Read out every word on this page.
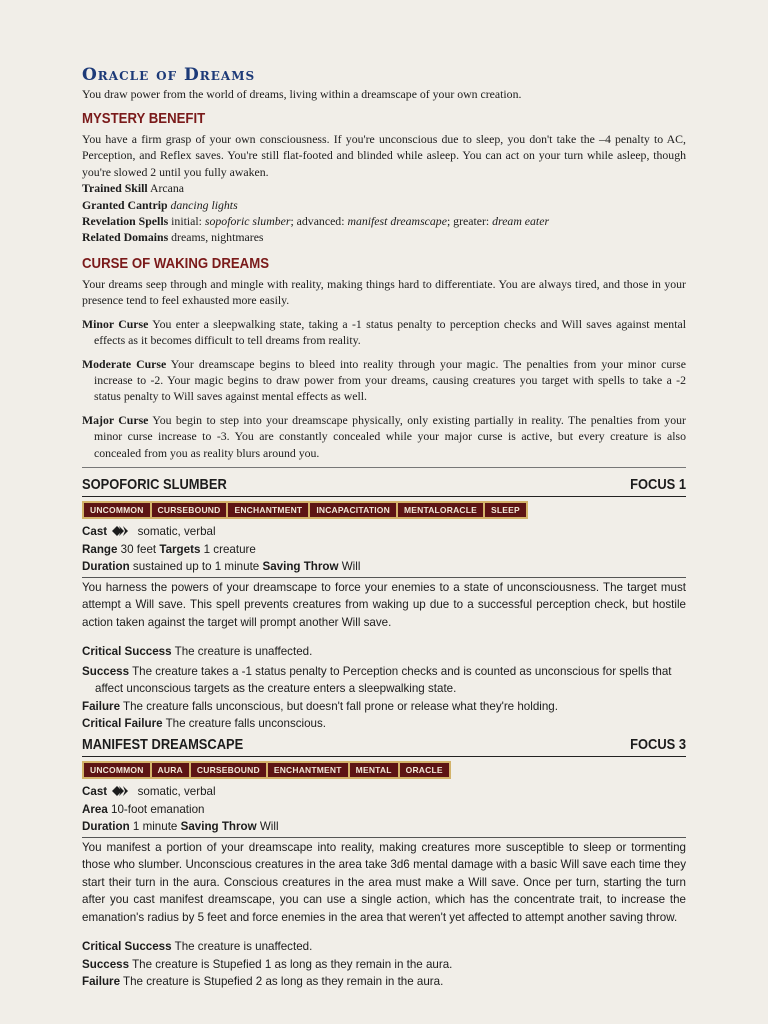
Oracle of Dreams

You draw power from the world of dreams, living within a dreamscape of your own creation.

MYSTERY BENEFIT

You have a firm grasp of your own consciousness. If you're unconscious due to sleep, you don't take the –4 penalty to AC, Perception, and Reflex saves. You're still flat-footed and blinded while asleep. You can act on your turn while asleep, though you're slowed 2 until you fully awaken.

Trained Skill Arcana

Granted Cantrip dancing lights

Revelation Spells initial: sopoforic slumber; advanced: manifest dreamscape; greater: dream eater

Related Domains dreams, nightmares

CURSE OF WAKING DREAMS

Your dreams seep through and mingle with reality, making things hard to differentiate. You are always tired, and those in your presence tend to feel exhausted more easily.

Minor Curse You enter a sleepwalking state, taking a -1 status penalty to perception checks and Will saves against mental effects as it becomes difficult to tell dreams from reality.

Moderate Curse Your dreamscape begins to bleed into reality through your magic. The penalties from your minor curse increase to -2. Your magic begins to draw power from your dreams, causing creatures you target with spells to take a -2 status penalty to Will saves against mental effects as well.

Major Curse You begin to step into your dreamscape physically, only existing partially in reality. The penalties from your minor curse increase to -3. You are constantly concealed while your major curse is active, but every creature is also concealed from you as reality blurs around you.

SOPOFORIC SLUMBER	FOCUS 1
UNCOMMON	CURSEBOUND	ENCHANTMENT	INCAPACITATION	MENTALORACLE	SLEEP

Cast	somatic, verbal

Range 30 feet Targets 1 creature

Duration sustained up to 1 minute Saving Throw Will

You harness the powers of your dreamscape to force your enemies to a state of unconsciousness. The target must attempt a Will save. This spell prevents creatures from waking up due to a successful perception check, but hostile action taken against the target will prompt another Will save.

Critical Success The creature is unaffected.

Success The creature takes a -1 status penalty to Perception checks and is counted as unconscious for spells that affect unconscious targets as the creature enters a sleepwalking state.

Failure The creature falls unconscious, but doesn't fall prone or release what they're holding.

Critical Failure The creature falls unconscious.

MANIFEST DREAMSCAPE	FOCUS 3
UNCOMMON	AURA	CURSEBOUND	ENCHANTMENT	MENTAL	ORACLE

Cast	somatic, verbal

Area 10-foot emanation

Duration 1 minute Saving Throw Will

You manifest a portion of your dreamscape into reality, making creatures more susceptible to sleep or tormenting those who slumber. Unconscious creatures in the area take 3d6 mental damage with a basic Will save each time they start their turn in the aura. Conscious creatures in the area must make a Will save. Once per turn, starting the turn after you cast manifest dreamscape, you can use a single action, which has the concentrate trait, to increase the emanation's radius by 5 feet and force enemies in the area that weren't yet affected to attempt another saving throw.

Critical Success The creature is unaffected.

Success The creature is Stupefied 1 as long as they remain in the aura.

Failure The creature is Stupefied 2 as long as they remain in the aura.
